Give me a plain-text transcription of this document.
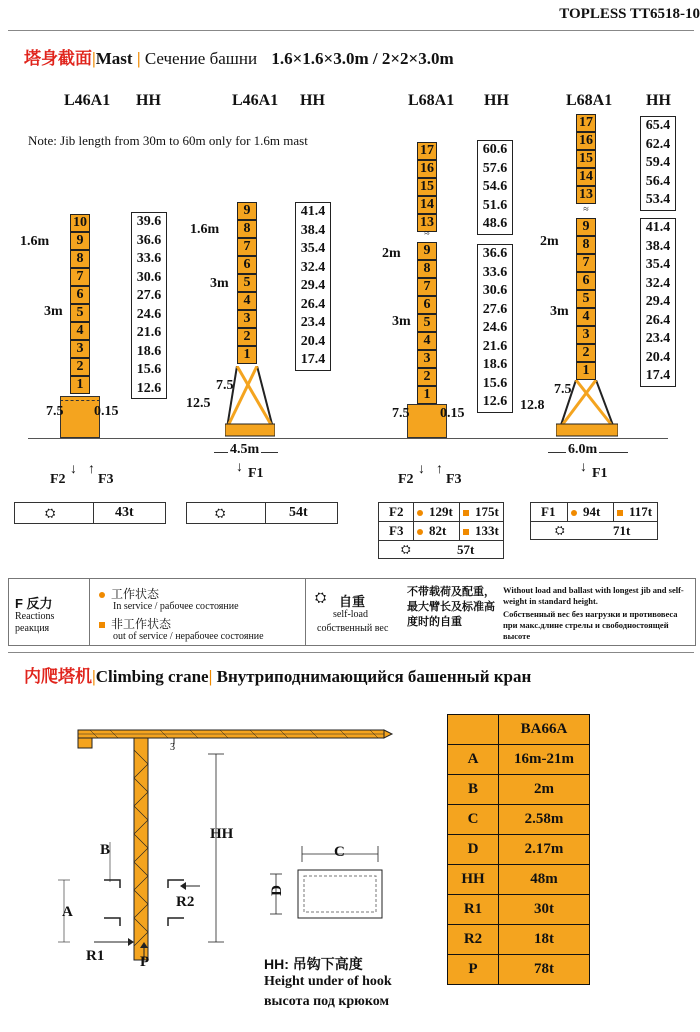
TOPLESS TT6518-10
塔身截面|Mast | Сечение башни 1.6×1.6×3.0m / 2×2×3.0m
L46A1 HH	L46A1 HH	L68A1 HH	L68A1 HH
Note: Jib length from 30m to 60m only for 1.6m mast
10
9
8
7
6
5
4
3
2
1
39.6
36.6
33.6
30.6
27.6
24.6
21.6
18.6
15.6
12.6
1.6m
3m
7.5 0.15
F2 F3
↓ ↑
⛭	43t
9
8
7
6
5
4
3
2
1
41.4
38.4
35.4
32.4
29.4
26.4
23.4
20.4
17.4
1.6m
3m
7.5
12.5
4.5m
F1
↓
⛭	54t
17
16
15
14
13
≈
9
8
7
6
5
4
3
2
1
60.6
57.6
54.6
51.6
48.6
36.6
33.6
30.6
27.6
24.6
21.6
18.6
15.6
12.6
2m
3m
7.5 0.15
F2 F3
↓ ↑
F2	129t	175t
F3	82t	133t
⛭	57t
17
16
15
14
13
≈
9
8
7
6
5
4
3
2
1
65.4
62.4
59.4
56.4
53.4
41.4
38.4
35.4
32.4
29.4
26.4
23.4
20.4
17.4
2m
3m
7.5
12.8
6.0m
F1
↓
F1	94t	117t
⛭	71t
F 反力
Reactions
реакция
工作状态
In service / рабочее состояние
非工作状态
out of service / нерабочее состояние
⛭ 自重
self-load
собственный вес
不带载荷及配重，最大臂长及标准高度时的自重
Without load and ballast with longest jib and self-weight in standard height.
Собственный вес без нагрузки и противовеса при макс.длине стрелы и свободностоящей высоте
内爬塔机|Climbing crane| Внутриподнимающийся башенный кран
3
HH
B
A
R2
R1 P
C
D
HH: 吊钩下高度
Height under of hook
высота под крюком
	BA66A
A	16m-21m
B	2m
C	2.58m
D	2.17m
HH	48m
R1	30t
R2	18t
P	78t
